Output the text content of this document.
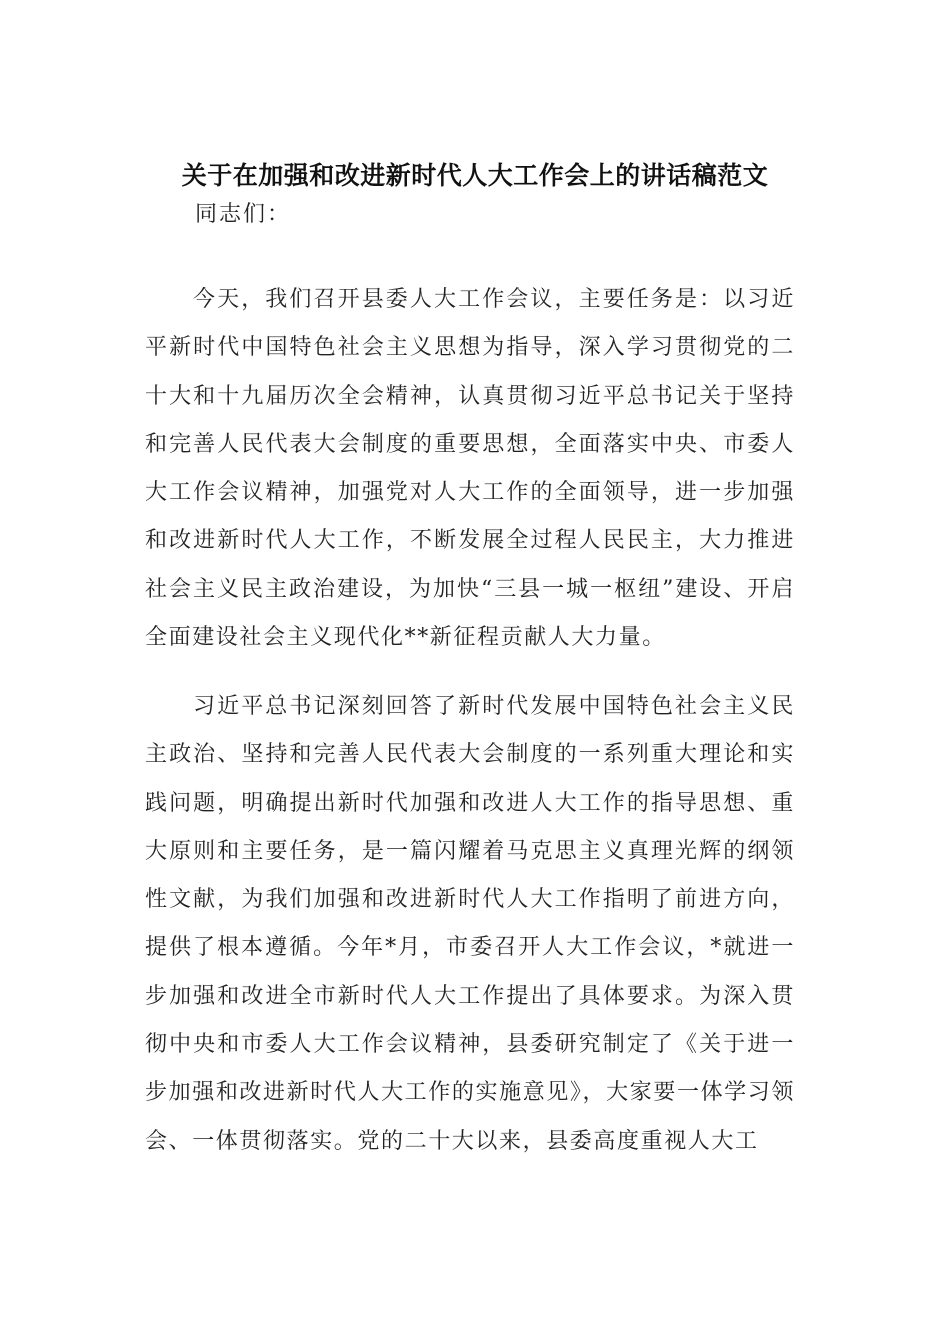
关于在加强和改进新时代人大工作会上的讲话稿范文
同志们：
今天，我们召开县委人大工作会议，主要任务是：以习近平新时代中国特色社会主义思想为指导，深入学习贯彻党的二十大和十九届历次全会精神，认真贯彻习近平总书记关于坚持和完善人民代表大会制度的重要思想，全面落实中央、市委人大工作会议精神，加强党对人大工作的全面领导，进一步加强和改进新时代人大工作，不断发展全过程人民民主，大力推进社会主义民主政治建设，为加快“三县一城一枢纽”建设、开启全面建设社会主义现代化**新征程贡献人大力量。
习近平总书记深刻回答了新时代发展中国特色社会主义民主政治、坚持和完善人民代表大会制度的一系列重大理论和实践问题，明确提出新时代加强和改进人大工作的指导思想、重大原则和主要任务，是一篇闪耀着马克思主义真理光辉的纲领性文献，为我们加强和改进新时代人大工作指明了前进方向，提供了根本遵循。今年*月，市委召开人大工作会议，*就进一步加强和改进全市新时代人大工作提出了具体要求。为深入贯彻中央和市委人大工作会议精神，县委研究制定了《关于进一步加强和改进新时代人大工作的实施意见》，大家要一体学习领会、一体贯彻落实。党的二十大以来，县委高度重视人大工
